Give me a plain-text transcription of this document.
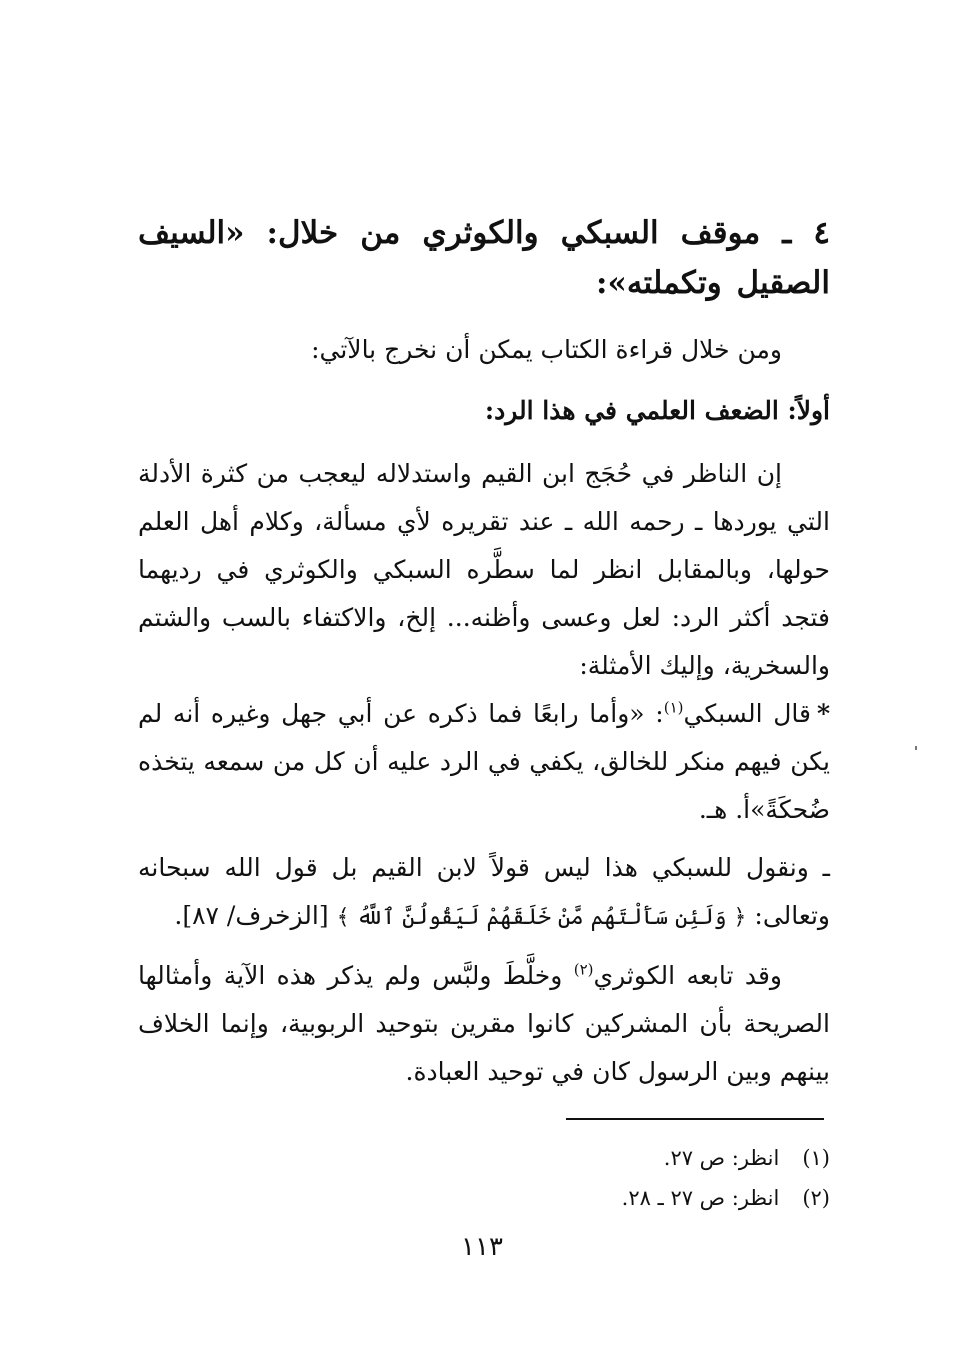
٤ ـ موقف السبكي والكوثري من خلال: «السيف الصقيل وتكملته»:
ومن خلال قراءة الكتاب يمكن أن نخرج بالآتي:
أولاً: الضعف العلمي في هذا الرد:
إن الناظر في حُجَج ابن القيم واستدلاله ليعجب من كثرة الأدلة التي يوردها ـ رحمه الله ـ عند تقريره لأي مسألة، وكلام أهل العلم حولها، وبالمقابل انظر لما سطَّره السبكي والكوثري في رديهما فتجد أكثر الرد: لعل وعسى وأظنه... إلخ، والاكتفاء بالسب والشتم والسخرية، وإليك الأمثلة:
*قال السبكي$^{(١)}$: «وأما رابعًا فما ذكره عن أبي جهل وغيره أنه لم يكن فيهم منكر للخالق، يكفي في الرد عليه أن كل من سمعه يتخذه ضُحكَةً»أ. هـ.
ـ ونقول للسبكي هذا ليس قولاً لابن القيم بل قول الله سبحانه وتعالى: ﴿ وَلَئِن سَأَلْتَهُم مَّنْ خَلَقَهُمْ لَيَقُولُنَّ ٱللَّهُ ﴾ [الزخرف/ ٨٧].
وقد تابعه الكوثري$^{(٢)}$ وخلَّطَ ولبَّس ولم يذكر هذه الآية وأمثالها الصريحة بأن المشركين كانوا مقرين بتوحيد الربوبية، وإنما الخلاف بينهم وبين الرسول كان في توحيد العبادة.
(١) انظر: ص ٢٧.
(٢) انظر: ص ٢٧ ـ ٢٨.
١١٣
